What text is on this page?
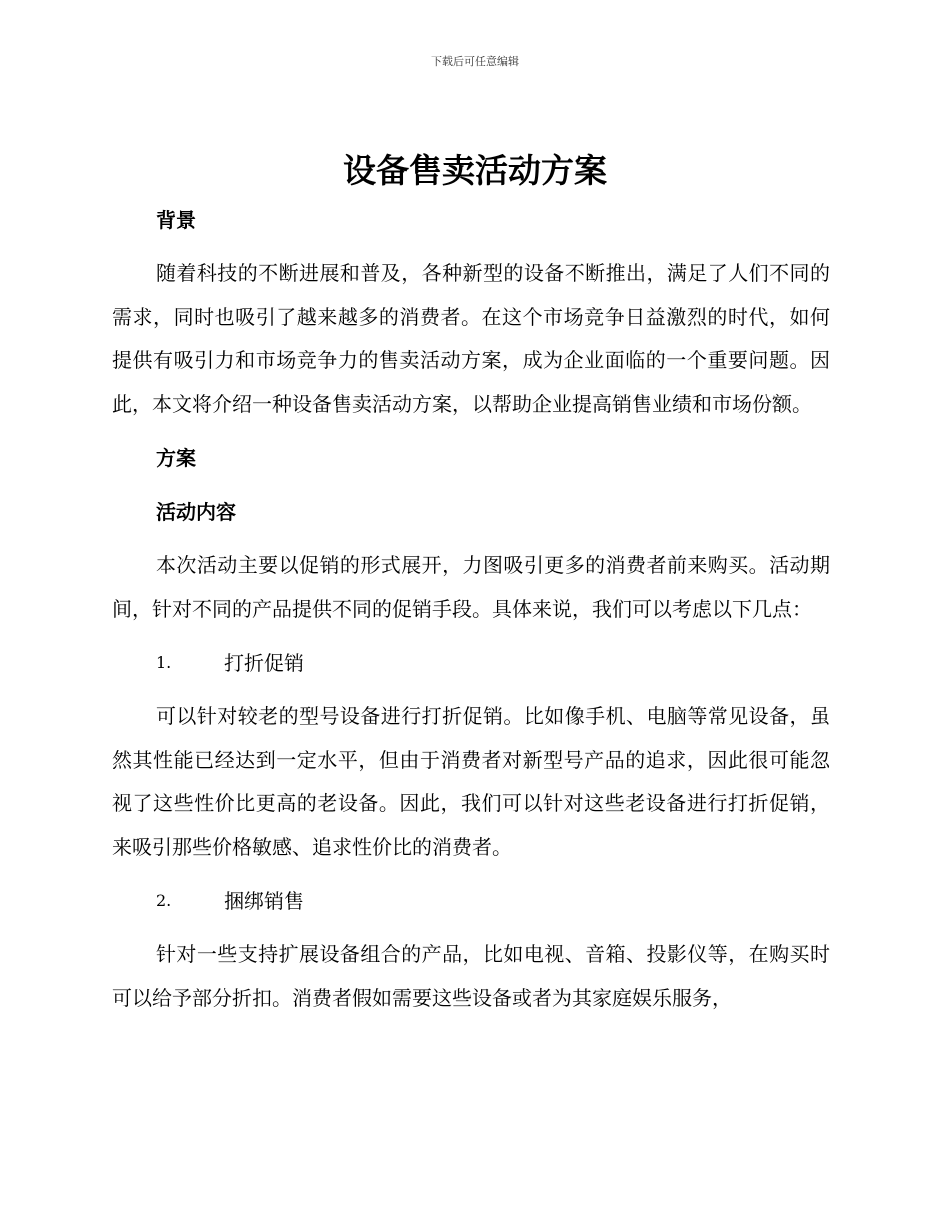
下载后可任意编辑
设备售卖活动方案
背景

随着科技的不断进展和普及，各种新型的设备不断推出，满足了人们不同的需求，同时也吸引了越来越多的消费者。在这个市场竞争日益激烈的时代，如何提供有吸引力和市场竞争力的售卖活动方案，成为企业面临的一个重要问题。因此，本文将介绍一种设备售卖活动方案，以帮助企业提高销售业绩和市场份额。

方案
活动内容

本次活动主要以促销的形式展开，力图吸引更多的消费者前来购买。活动期间，针对不同的产品提供不同的促销手段。具体来说，我们可以考虑以下几点：

1.	打折促销

可以针对较老的型号设备进行打折促销。比如像手机、电脑等常见设备，虽然其性能已经达到一定水平，但由于消费者对新型号产品的追求，因此很可能忽视了这些性价比更高的老设备。因此，我们可以针对这些老设备进行打折促销，来吸引那些价格敏感、追求性价比的消费者。

2.	捆绑销售

针对一些支持扩展设备组合的产品，比如电视、音箱、投影仪等，在购买时可以给予部分折扣。消费者假如需要这些设备或者为其家庭娱乐服务，
